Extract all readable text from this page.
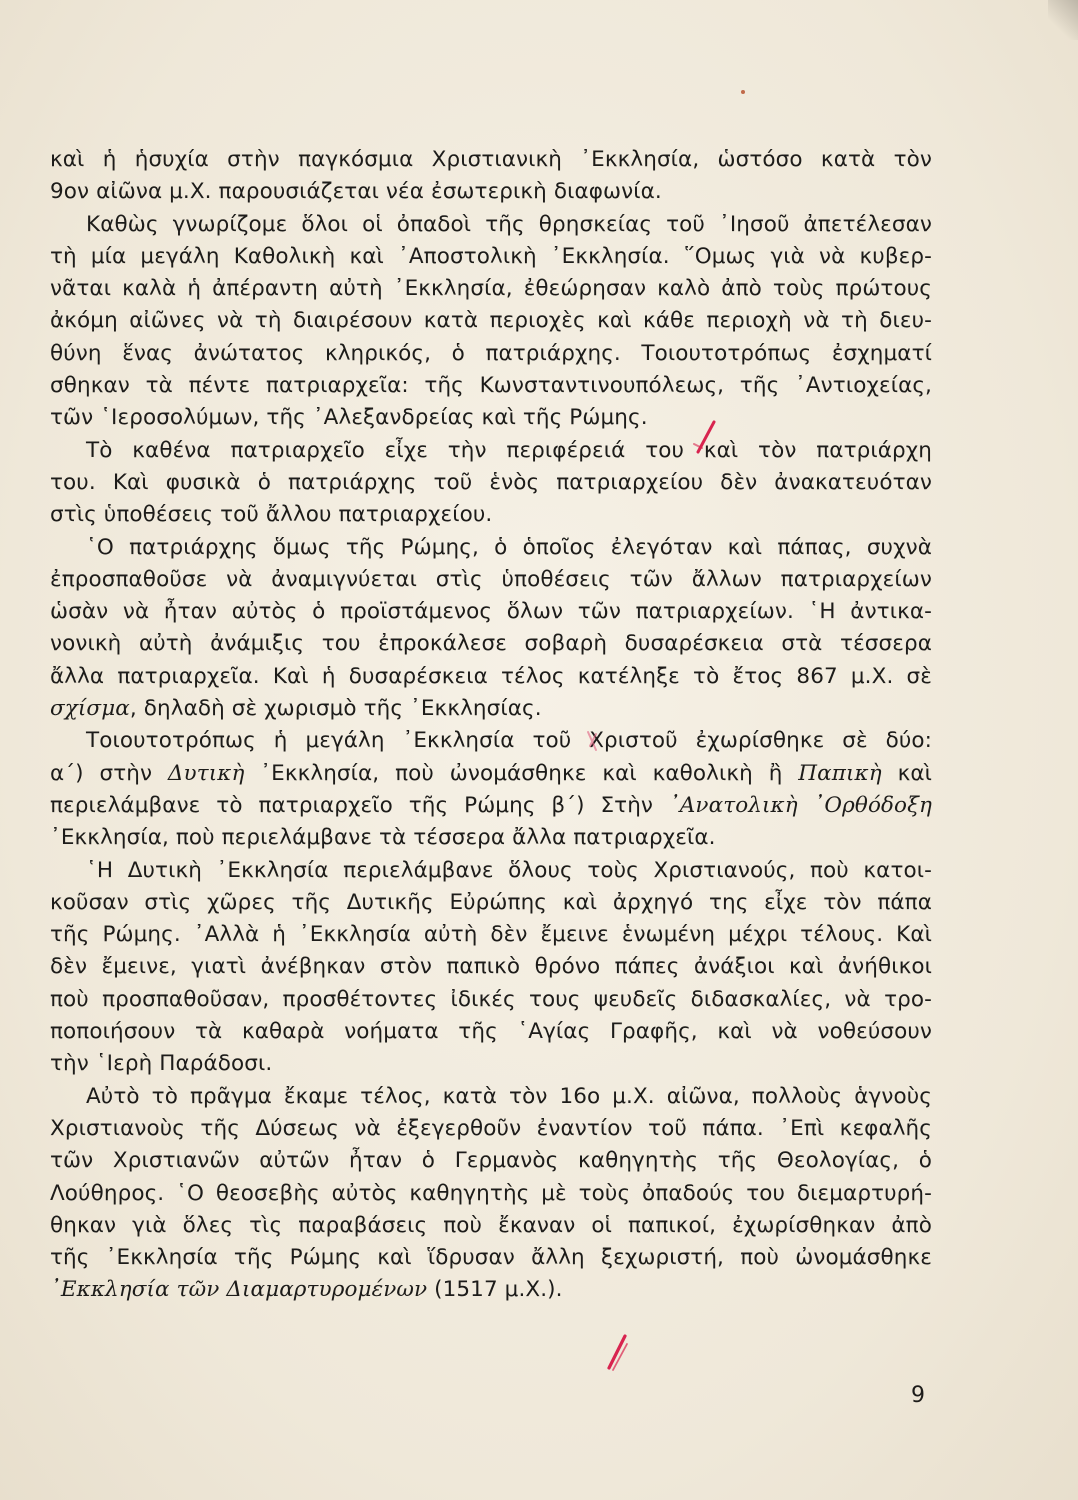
καὶ ἡ ἡσυχία στὴν παγκόσμια Χριστιανικὴ ᾿Εκκλησία, ὡστόσο κατὰ τὸν
9ον αἰῶνα μ.Χ. παρουσιάζεται νέα ἐσωτερικὴ διαφωνία.
Καθὼς γνωρίζομε ὅλοι οἱ ὀπαδοὶ τῆς θρησκείας τοῦ ᾿Ιησοῦ ἀπετέλεσαν
τὴ μία μεγάλη Καθολικὴ καὶ ᾿Αποστολικὴ ᾿Εκκλησία. ῞Ομως γιὰ νὰ κυβερ-
νᾶται καλὰ ἡ ἀπέραντη αὐτὴ ᾿Εκκλησία, ἐθεώρησαν καλὸ ἀπὸ τοὺς πρώτους
ἀκόμη αἰῶνες νὰ τὴ διαιρέσουν κατὰ περιοχὲς καὶ κάθε περιοχὴ νὰ τὴ διευ-
θύνη ἕνας ἀνώτατος κληρικός, ὁ πατριάρχης. Τοιουτοτρόπως ἐσχηματί
σθηκαν τὰ πέντε πατριαρχεῖα: τῆς Κωνσταντινουπόλεως, τῆς ᾿Αντιοχείας,
τῶν ῾Ιεροσολύμων, τῆς ᾿Αλεξανδρείας καὶ τῆς Ρώμης.
Τὸ καθένα πατριαρχεῖο εἶχε τὴν περιφέρειά του καὶ τὸν πατριάρχη
του. Καὶ φυσικὰ ὁ πατριάρχης τοῦ ἑνὸς πατριαρχείου δὲν ἀνακατευόταν
στὶς ὑποθέσεις τοῦ ἄλλου πατριαρχείου.
῾Ο πατριάρχης ὅμως τῆς Ρώμης, ὁ ὁποῖος ἐλεγόταν καὶ πάπας, συχνὰ
ἐπροσπαθοῦσε νὰ ἀναμιγνύεται στὶς ὑποθέσεις τῶν ἄλλων πατριαρχείων
ὡσὰν νὰ ἦταν αὐτὸς ὁ προϊστάμενος ὅλων τῶν πατριαρχείων. ῾Η ἀντικα-
νονικὴ αὐτὴ ἀνάμιξις του ἐπροκάλεσε σοβαρὴ δυσαρέσκεια στὰ τέσσερα
ἄλλα πατριαρχεῖα. Καὶ ἡ δυσαρέσκεια τέλος κατέληξε τὸ ἔτος 867 μ.Χ. σὲ
σχίσμα, δηλαδὴ σὲ χωρισμὸ τῆς ᾿Εκκλησίας.
Τοιουτοτρόπως ἡ μεγάλη ᾿Εκκλησία τοῦ Χριστοῦ ἐχωρίσθηκε σὲ δύο:
α΄) στὴν Δυτικὴ ᾿Εκκλησία, ποὺ ὠνομάσθηκε καὶ καθολικὴ ἢ Παπικὴ καὶ
περιελάμβανε τὸ πατριαρχεῖο τῆς Ρώμης β΄) Στὴν ᾿Ανατολικὴ ᾿Ορθόδοξη
᾿Εκκλησία, ποὺ περιελάμβανε τὰ τέσσερα ἄλλα πατριαρχεῖα.
῾Η Δυτικὴ ᾿Εκκλησία περιελάμβανε ὅλους τοὺς Χριστιανούς, ποὺ κατοι-
κοῦσαν στὶς χῶρες τῆς Δυτικῆς Εὐρώπης καὶ ἀρχηγό της εἶχε τὸν πάπα
τῆς Ρώμης. ᾿Αλλὰ ἡ ᾿Εκκλησία αὐτὴ δὲν ἔμεινε ἑνωμένη μέχρι τέλους. Καὶ
δὲν ἔμεινε, γιατὶ ἀνέβηκαν στὸν παπικὸ θρόνο πάπες ἀνάξιοι καὶ ἀνήθικοι
ποὺ προσπαθοῦσαν, προσθέτοντες ἰδικές τους ψευδεῖς διδασκαλίες, νὰ τρο-
ποποιήσουν τὰ καθαρὰ νοήματα τῆς ῾Αγίας Γραφῆς, καὶ νὰ νοθεύσουν
τὴν ῾Ιερὴ Παράδοσι.
Αὐτὸ τὸ πρᾶγμα ἔκαμε τέλος, κατὰ τὸν 16ο μ.Χ. αἰῶνα, πολλοὺς ἁγνοὺς
Χριστιανοὺς τῆς Δύσεως νὰ ἐξεγερθοῦν ἐναντίον τοῦ πάπα. ᾿Επὶ κεφαλῆς
τῶν Χριστιανῶν αὐτῶν ἦταν ὁ Γερμανὸς καθηγητὴς τῆς Θεολογίας, ὁ
Λούθηρος. ῾Ο θεοσεβὴς αὐτὸς καθηγητὴς μὲ τοὺς ὀπαδούς του διεμαρτυρή-
θηκαν γιὰ ὅλες τὶς παραβάσεις ποὺ ἔκαναν οἱ παπικοί, ἐχωρίσθηκαν ἀπὸ
τῆς ᾿Εκκλησία τῆς Ρώμης καὶ ἵδρυσαν ἄλλη ξεχωριστή, ποὺ ὠνομάσθηκε
᾿Εκκλησία τῶν Διαμαρτυρομένων (1517 μ.Χ.).
9
